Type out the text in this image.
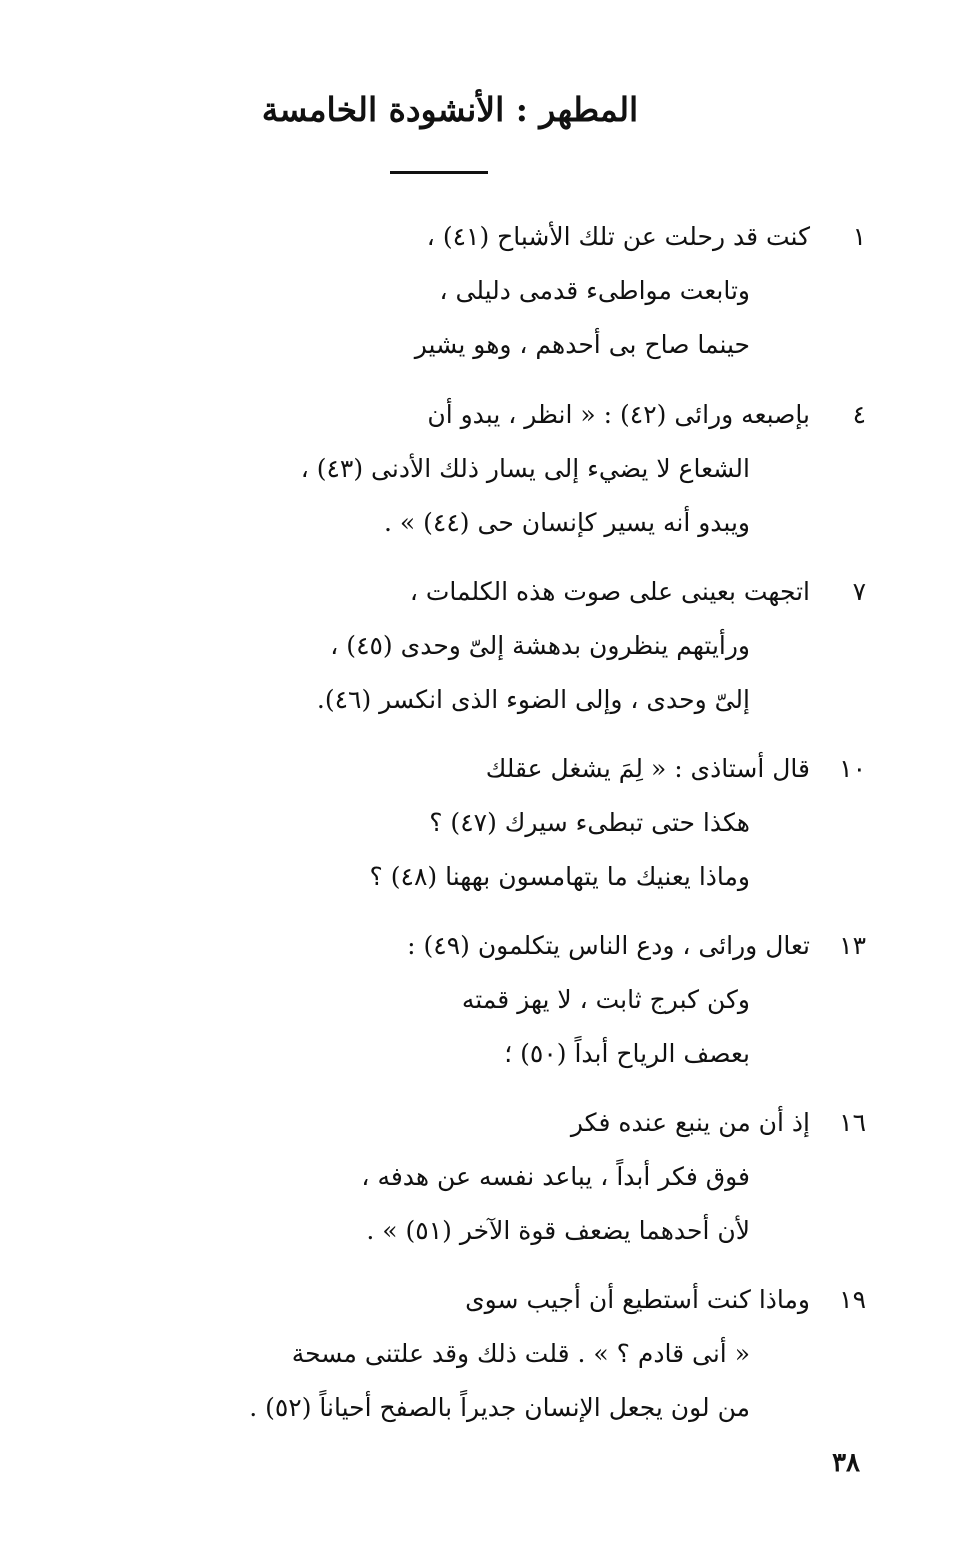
المطهر : الأنشودة الخامسة
١
كنت قد رحلت عن تلك الأشباح (٤١) ،
وتابعت مواطىء قدمى دليلى ،
حينما صاح بى أحدهم ، وهو يشير
٤
بإصبعه ورائى (٤٢) : « انظر ، يبدو أن
الشعاع لا يضيء إلى يسار ذلك الأدنى (٤٣) ،
ويبدو أنه يسير كإنسان حى (٤٤) » .
٧
اتجهت بعينى على صوت هذه الكلمات ،
ورأيتهم ينظرون بدهشة إلىّ وحدى (٤٥) ،
إلىّ وحدى ، وإلى الضوء الذى انكسر (٤٦).
١٠
قال أستاذى : « لِمَ يشغل عقلك
هكذا حتى تبطىء سيرك (٤٧) ؟
وماذا يعنيك ما يتهامسون بههنا (٤٨) ؟
١٣
تعال ورائى ، ودع الناس يتكلمون (٤٩) :
وكن كبرج ثابت ، لا يهز قمته
بعصف الرياح أبداً (٥٠) ؛
١٦
إذ أن من ينبع عنده فكر
فوق فكر أبداً ، يباعد نفسه عن هدفه ،
لأن أحدهما يضعف قوة الآخر (٥١) » .
١٩
وماذا كنت أستطيع أن أجيب سوى
« أنى قادم ؟ » . قلت ذلك وقد علتنى مسحة
من لون يجعل الإنسان جديراً بالصفح أحياناً (٥٢) .
٣٨
